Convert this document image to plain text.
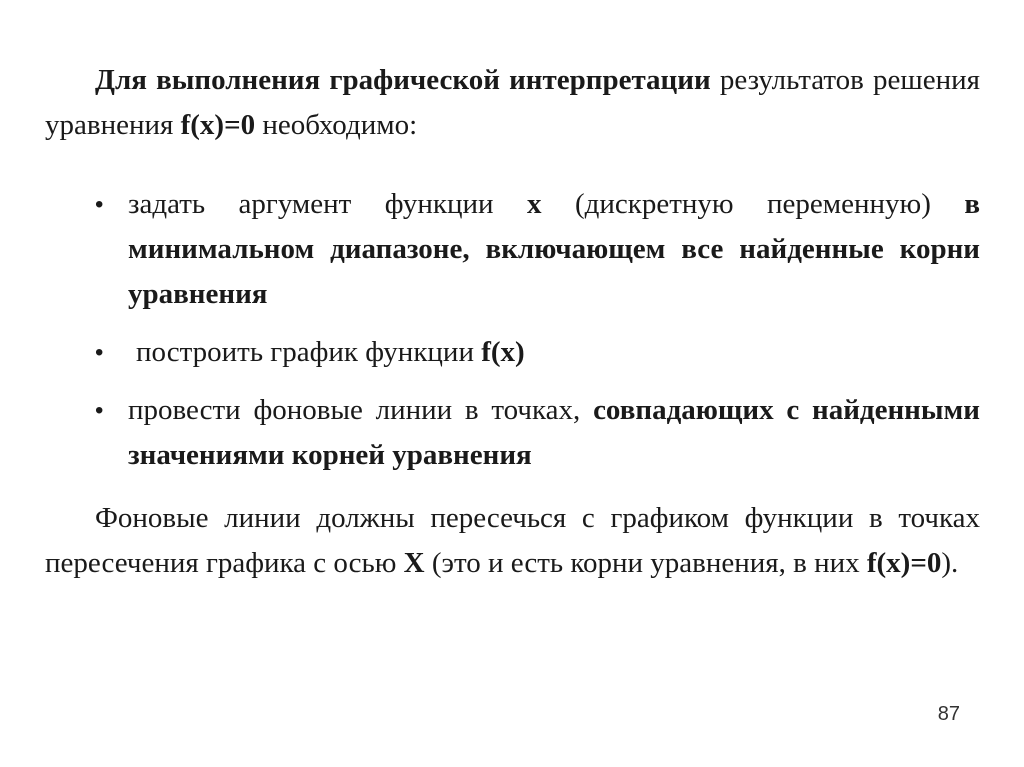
Для выполнения графической интерпретации результатов решения уравнения f(x)=0 необходимо:

• задать аргумент функции x (дискретную переменную) в минимальном диапазоне, включающем все найденные корни уравнения
• построить график функции f(x)
• провести фоновые линии в точках, совпадающих с найденными значениями корней уравнения

Фоновые линии должны пересечься с графиком функции в точках пересечения графика с осью X (это и есть корни уравнения, в них f(x)=0).

87
